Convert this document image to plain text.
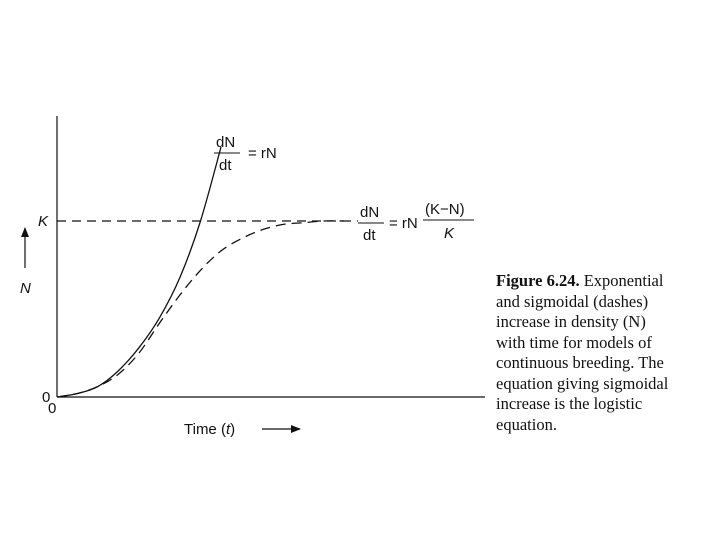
K
0
0
N
Time (t)
dN
dt
= rN
dN
dt
= rN
(K−N)
K
Figure 6.24. Exponential
and sigmoidal (dashes)
increase in density (N)
with time for models of
continuous breeding. The
equation giving sigmoidal
increase is the logistic
equation.
